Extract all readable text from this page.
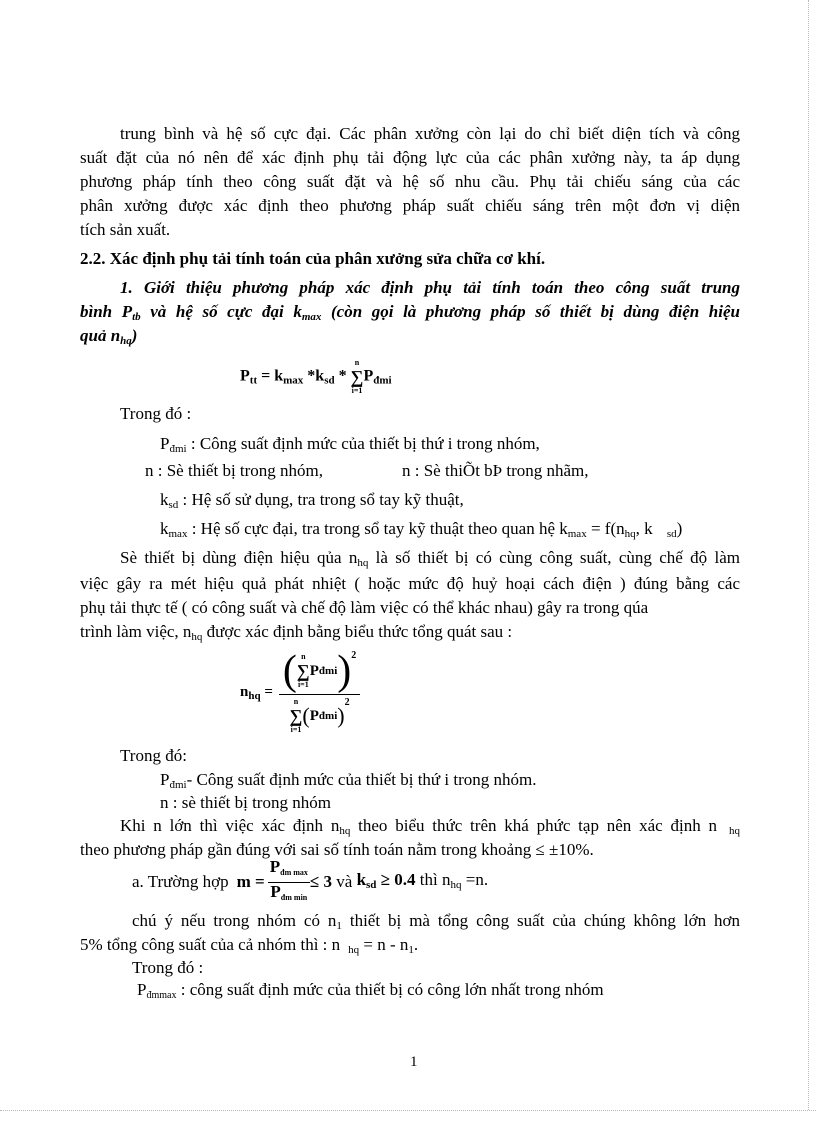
trung bình và hệ số cực đại. Các phân xưởng còn lại do chỉ biết diện tích và công
suất đặt của nó nên để xác định phụ tải động lực của các phân xưởng này, ta áp dụng
phương pháp tính theo công suất đặt và hệ số nhu cầu. Phụ tải chiếu sáng của các
phân xưởng được xác định theo phương pháp suất chiếu sáng trên một đơn vị diện
tích sản xuất.
2.2. Xác định phụ tải tính toán của phân xưởng sửa chữa cơ khí.
1. Giới thiệu phương pháp xác định phụ tải tính toán theo công suất trung
bình $P_{tb}$ và hệ số cực đại $k_{max}$ (còn gọi là phương pháp số thiết bị dùng điện hiệu
quả $n_{hq}$)
$P_{tt} = k_{max}$ $*k_{sd}$ *
n
∑
i=1
$P_{đmi}$
Trong đó :
$P_{đmi}$ : Công suất định mức của thiết bị thứ i trong nhóm,
n : Sè thiết bị trong nhóm,	n : Sè thiÕt bÞ trong nhãm,
$k_{sd}$ : Hệ số sử dụng, tra trong sổ tay kỹ thuật,
$k_{max}$ : Hệ số cực đại, tra trong sổ tay kỹ thuật theo quan hệ $k_{max} = f(n_{hq}$, k $_{sd}$)
Sè thiết bị dùng điện hiệu qủa $n_{hq}$ là số thiết bị có cùng công suất, cùng chế độ làm
việc gây ra mét hiệu quả phát nhiệt ( hoặc mức độ huỷ hoại cách điện ) đúng bằng các
phụ tải thực tế ( có công suất và chế độ làm việc có thể khác nhau) gây ra trong qúa
trình làm việc, $n_{hq}$ được xác định bằng biểu thức tổng quát sau :
$n_{hq}$ = ( n
∑
i=1
P đmi )$^2$
n
∑
i=1
( P đmi )
$^2$
Trong đó:
$P_{đmi}-$ Công suất định mức của thiết bị thứ i trong nhóm.
n : sè thiết bị trong nhóm
Khi n lớn thì việc xác định $n_{hq}$ theo biểu thức trên khá phức tạp nên xác định n $_{hq}$
theo phương pháp gần đúng với sai số tính toán nằm trong khoảng ≤ ±10%.
a. Trường hợp $m = \frac{P_{đm max}}{P_{đm min}} \le 3$ và $k_{sd} \ge 0.4$ thì $n_{hq} =n$.
chú ý nếu trong nhóm có $n_1$ thiết bị mà tổng công suất của chúng không lớn hơn
5% tổng công suất của cả nhóm thì : n $_{hq} = n - n_1$.
Trong đó :
$P_{đmmax}$ : công suất định mức của thiết bị có công lớn nhất trong nhóm
1
